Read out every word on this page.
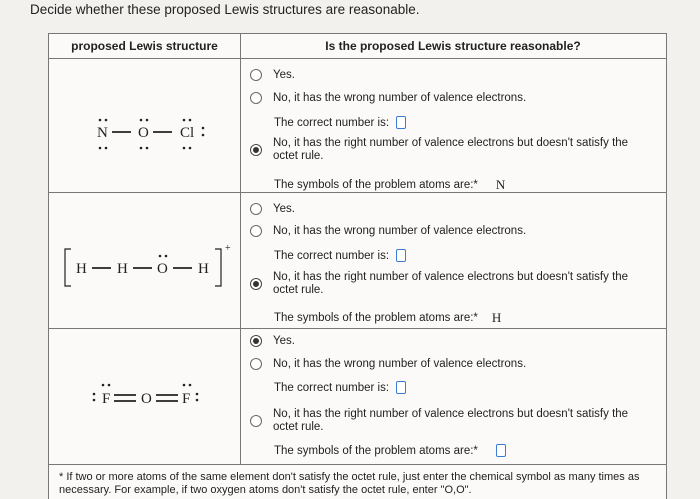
Decide whether these proposed Lewis structures are reasonable.
proposed Lewis structure	Is the proposed Lewis structure reasonable?
N O Cl
Yes.
No, it has the wrong number of valence electrons.
The correct number is:
No, it has the right number of valence electrons but doesn't satisfy the
octet rule.
The symbols of the problem atoms are:* N
H H O H
+
Yes.
No, it has the wrong number of valence electrons.
The correct number is:
No, it has the right number of valence electrons but doesn't satisfy the
octet rule.
The symbols of the problem atoms are:* H
F O F
Yes.
No, it has the wrong number of valence electrons.
The correct number is:
No, it has the right number of valence electrons but doesn't satisfy the
octet rule.
The symbols of the problem atoms are:*
* If two or more atoms of the same element don't satisfy the octet rule, just enter the chemical symbol as many times as necessary. For example, if two oxygen atoms don't satisfy the octet rule, enter "O,O".
